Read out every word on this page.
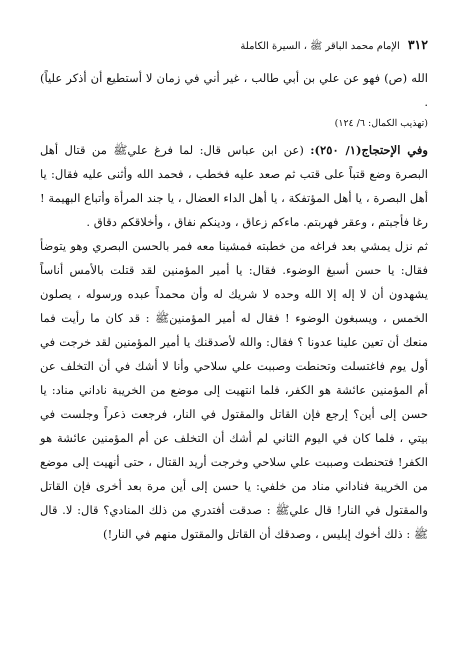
٣١٢
الإمام محمد الباقر ﷺ ، السيرة الكاملة

الله (ص) فهو عن علي بن أبي طالب ، غير أني في زمان لا أستطيع أن أذكر علياً) .

(تهذيب الكمال: ٦/ ١٢٤)

وفي الإحتجاج(١/ ٢٥٠): (عن ابن عباس قال: لما فرغ عليﷺ من قتال أهل البصرة وضع قتباً على قتب ثم صعد عليه فخطب ، فحمد الله وأثنى عليه فقال: يا أهل البصرة ، يا أهل المؤتفكة ، يا أهل الداء العضال ، يا جند المرأة وأتباع البهيمة ! رغا فأجبتم ، وعقر فهربتم. ماءكم زعاق ، ودينكم نفاق ، وأخلاقكم دقاق .

ثم نزل يمشي بعد فراغه من خطبته فمشينا معه فمر بالحسن البصري وهو يتوضأ فقال: يا حسن أسبغ الوضوء. فقال: يا أمير المؤمنين لقد قتلت بالأمس أناساً يشهدون أن لا إله إلا الله وحده لا شريك له وأن محمداً عبده ورسوله ، يصلون الخمس ، ويسبغون الوضوء ! فقال له أمير المؤمنينﷺ : قد كان ما رأيت فما منعك أن تعين علينا عدونا ؟ فقال: والله لأصدقنك يا أمير المؤمنين لقد خرجت في أول يوم فاغتسلت وتحنطت وصببت علي سلاحي وأنا لا أشك في أن التخلف عن أم المؤمنين عائشة هو الكفر، فلما انتهيت إلى موضع من الخريبة ناداني مناد: يا حسن إلى أين؟ إرجع فإن القاتل والمقتول في النار، فرجعت ذعراً وجلست في بيتي ، فلما كان في اليوم الثاني لم أشك أن التخلف عن أم المؤمنين عائشة هو الكفر! فتحنطت وصببت علي سلاحي وخرجت أريد القتال ، حتى أنهيت إلى موضع من الخريبة فناداني مناد من خلفي: يا حسن إلى أين مرة بعد أخرى فإن القاتل والمقتول في النار! قال عليﷺ : صدقت أفتدري من ذلك المنادي؟ قال: لا. قال ﷺ : ذلك أخوك إبليس ، وصدقك أن القاتل والمقتول منهم في النار!)
